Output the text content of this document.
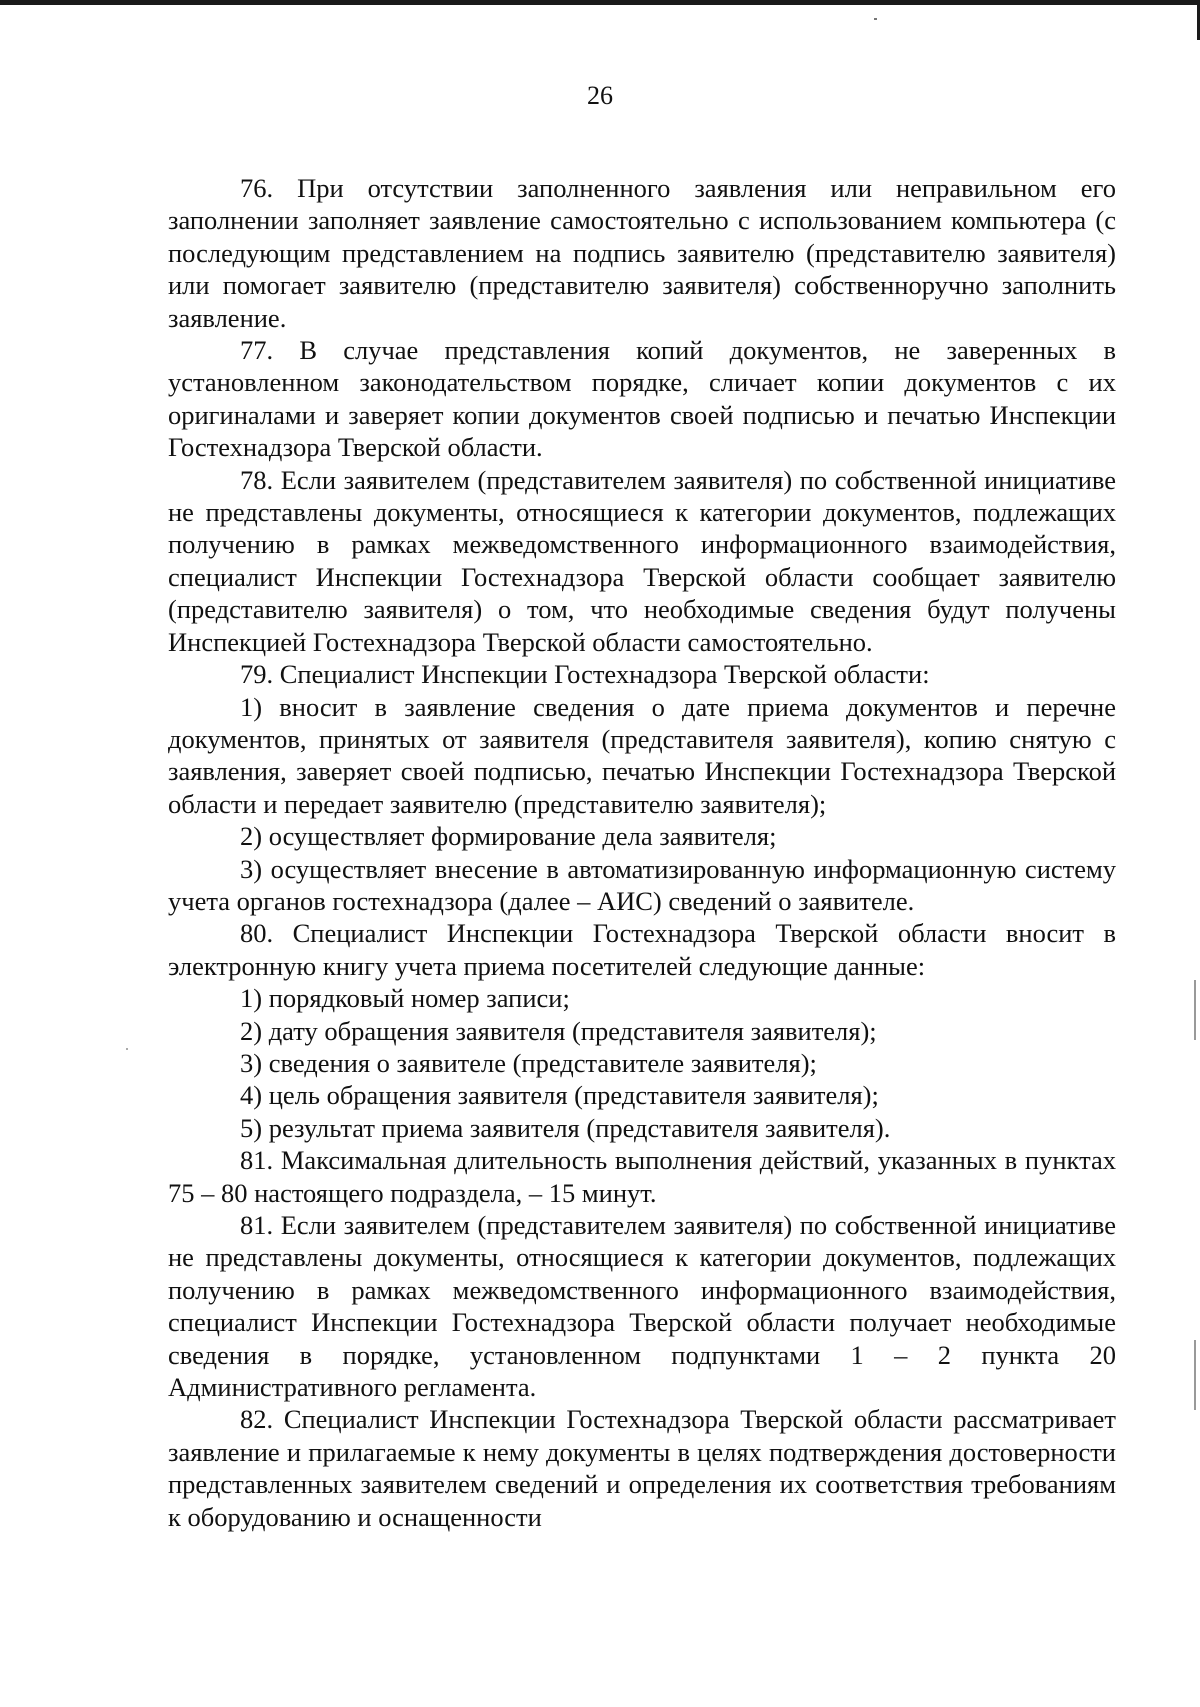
26

76. При отсутствии заполненного заявления или неправильном его заполнении заполняет заявление самостоятельно с использованием компьютера (с последующим представлением на подпись заявителю (представителю заявителя) или помогает заявителю (представителю заявителя) собственноручно заполнить заявление.

77. В случае представления копий документов, не заверенных в установленном законодательством порядке, сличает копии документов с их оригиналами и заверяет копии документов своей подписью и печатью Инспекции Гостехнадзора Тверской области.

78. Если заявителем (представителем заявителя) по собственной инициативе не представлены документы, относящиеся к категории документов, подлежащих получению в рамках межведомственного информационного взаимодействия, специалист Инспекции Гостехнадзора Тверской области сообщает заявителю (представителю заявителя) о том, что необходимые сведения будут получены Инспекцией Гостехнадзора Тверской области самостоятельно.

79. Специалист Инспекции Гостехнадзора Тверской области:

1) вносит в заявление сведения о дате приема документов и перечне документов, принятых от заявителя (представителя заявителя), копию снятую с заявления, заверяет своей подписью, печатью Инспекции Гостехнадзора Тверской области и передает заявителю (представителю заявителя);

2) осуществляет формирование дела заявителя;

3) осуществляет внесение в автоматизированную информационную систему учета органов гостехнадзора (далее – АИС) сведений о заявителе.

80. Специалист Инспекции Гостехнадзора Тверской области вносит в электронную книгу учета приема посетителей следующие данные:

1) порядковый номер записи;

2) дату обращения заявителя (представителя заявителя);

3) сведения о заявителе (представителе заявителя);

4) цель обращения заявителя (представителя заявителя);

5) результат приема заявителя (представителя заявителя).

81. Максимальная длительность выполнения действий, указанных в пунктах 75 – 80 настоящего подраздела, – 15 минут.

81. Если заявителем (представителем заявителя) по собственной инициативе не представлены документы, относящиеся к категории документов, подлежащих получению в рамках межведомственного информационного взаимодействия, специалист Инспекции Гостехнадзора Тверской области получает необходимые сведения в порядке, установленном подпунктами 1 – 2 пункта 20 Административного регламента.

82. Специалист Инспекции Гостехнадзора Тверской области рассматривает заявление и прилагаемые к нему документы в целях подтверждения достоверности представленных заявителем сведений и определения их соответствия требованиям к оборудованию и оснащенности
